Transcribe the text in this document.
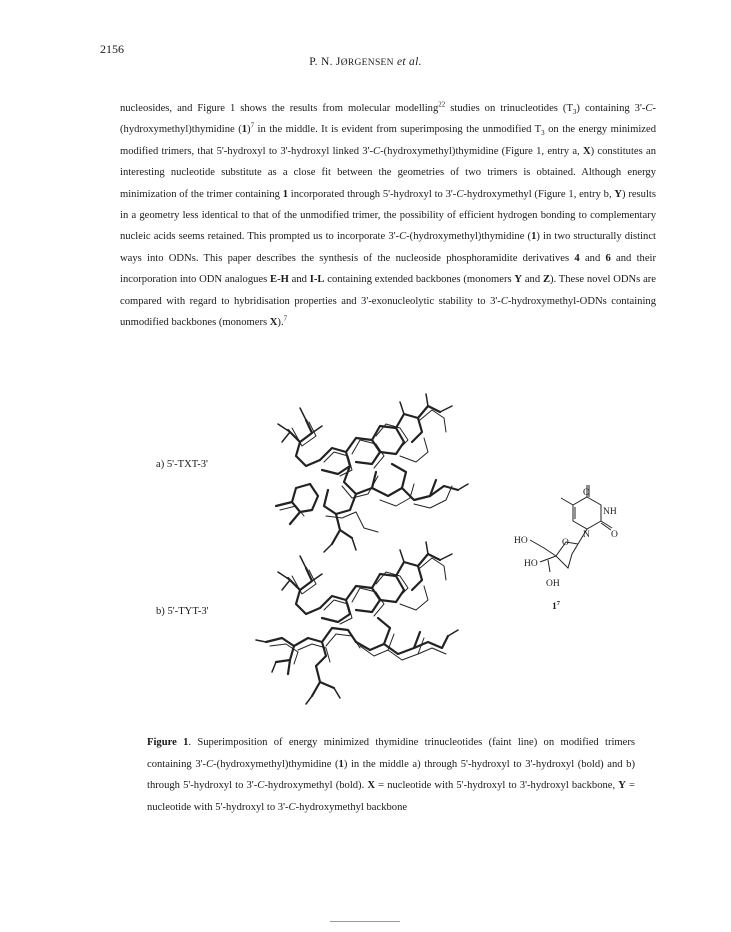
2156
P. N. JØRGENSEN et al.

nucleosides, and Figure 1 shows the results from molecular modelling$^{22}$ studies on trinucleotides $(T_3)$ containing 3'-C-(hydroxymethyl)thymidine $(1)^7$ in the middle. It is evident from superimposing the unmodified $T_3$ on the energy minimized modified trimers, that 5'-hydroxyl to 3'-hydroxyl linked 3'-C-(hydroxymethyl)thymidine (Figure 1, entry a, X) constitutes an interesting nucleotide substitute as a close fit between the geometries of two trimers is obtained. Although energy minimization of the trimer containing 1 incorporated through 5'-hydroxyl to 3'-C-hydroxymethyl (Figure 1, entry b, Y) results in a geometry less identical to that of the unmodified trimer, the possibility of efficient hydrogen bonding to complementary nucleic acids seems retained. This prompted us to incorporate 3'-C-(hydroxymethyl)thymidine (1) in two structurally distinct ways into ODNs. This paper describes the synthesis of the nucleoside phosphoramidite derivatives 4 and 6 and their incorporation into ODN analogues E-H and I-L containing extended backbones (monomers Y and Z). These novel ODNs are compared with regard to hybridisation properties and 3'-exonucleolytic stability to 3'-C-hydroxymethyl-ODNs containing unmodified backbones (monomers X).$^7$

a) 5'-TXT-3'
b) 5'-TYT-3'
O
NH
N O
HO	O
HO
OH
$1^7$
Figure 1. Superimposition of energy minimized thymidine trinucleotides (faint line) on modified trimers containing 3'-C-(hydroxymethyl)thymidine (1) in the middle a) through 5'-hydroxyl to 3'-hydroxyl (bold) and b) through 5'-hydroxyl to 3'-C-hydroxymethyl (bold). X = nucleotide with 5'-hydroxyl to 3'-hydroxyl backbone, Y = nucleotide with 5'-hydroxyl to 3'-C-hydroxymethyl backbone
